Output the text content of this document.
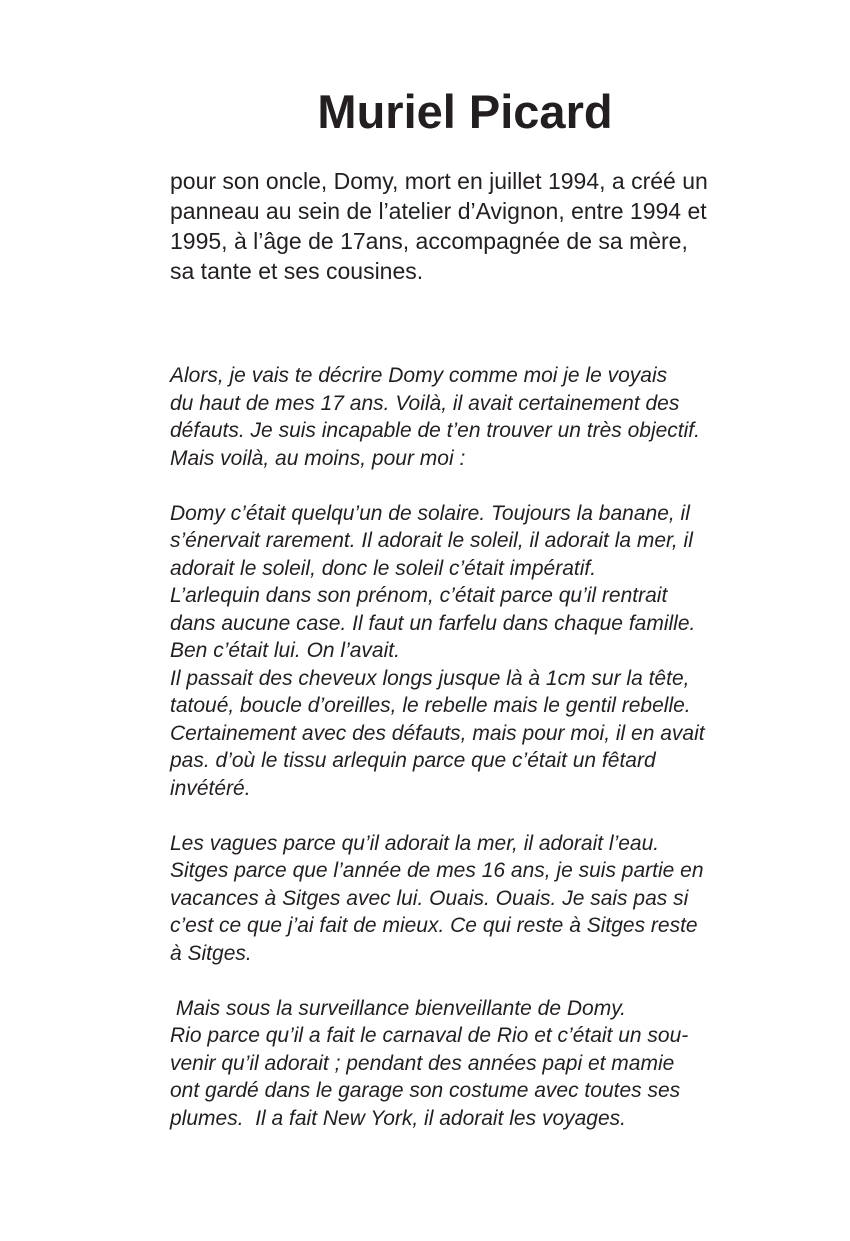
Muriel Picard
pour son oncle, Domy, mort en juillet 1994, a créé un
panneau au sein de l’atelier d’Avignon, entre 1994 et
1995, à l’âge de 17ans, accompagnée de sa mère,
sa tante et ses cousines.
Alors, je vais te décrire Domy comme moi je le voyais
du haut de mes 17 ans. Voilà, il avait certainement des
défauts. Je suis incapable de t’en trouver un très objectif.
Mais voilà, au moins, pour moi :
Domy c’était quelqu’un de solaire. Toujours la banane, il
s’énervait rarement. Il adorait le soleil, il adorait la mer, il
adorait le soleil, donc le soleil c’était impératif.
L’arlequin dans son prénom, c’était parce qu’il rentrait
dans aucune case. Il faut un farfelu dans chaque famille.
Ben c’était lui. On l’avait.
Il passait des cheveux longs jusque là à 1cm sur la tête,
tatoué, boucle d’oreilles, le rebelle mais le gentil rebelle.
Certainement avec des défauts, mais pour moi, il en avait
pas. d’où le tissu arlequin parce que c’était un fêtard
invétéré.
Les vagues parce qu’il adorait la mer, il adorait l’eau.
Sitges parce que l’année de mes 16 ans, je suis partie en
vacances à Sitges avec lui. Ouais. Ouais. Je sais pas si
c’est ce que j’ai fait de mieux. Ce qui reste à Sitges reste
à Sitges.
Mais sous la surveillance bienveillante de Domy.
Rio parce qu’il a fait le carnaval de Rio et c’était un sou-
venir qu’il adorait ; pendant des années papi et mamie
ont gardé dans le garage son costume avec toutes ses
plumes.  Il a fait New York, il adorait les voyages.
